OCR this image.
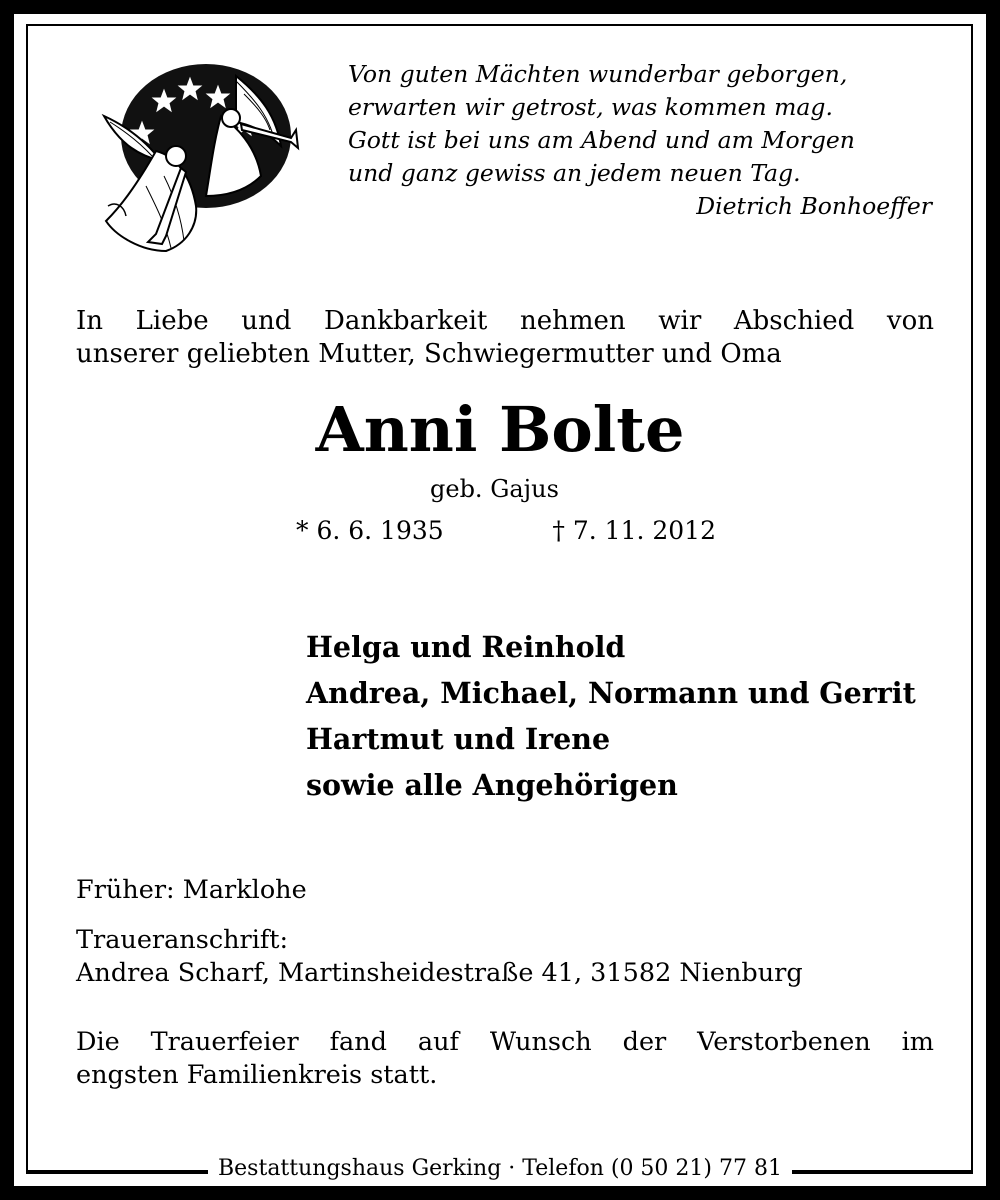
Von guten Mächten wunderbar geborgen,
erwarten wir getrost, was kommen mag.
Gott ist bei uns am Abend und am Morgen
und ganz gewiss an jedem neuen Tag.
Dietrich Bonhoeffer
In Liebe und Dankbarkeit nehmen wir Abschied von
unserer geliebten Mutter, Schwiegermutter und Oma
Anni Bolte
geb. Gajus
* 6. 6. 1935	† 7. 11. 2012
Helga und Reinhold
Andrea, Michael, Normann und Gerrit
Hartmut und Irene
sowie alle Angehörigen
Früher: Marklohe
Traueranschrift:
Andrea Scharf, Martinsheidestraße 41, 31582 Nienburg
Die Trauerfeier fand auf Wunsch der Verstorbenen im
engsten Familienkreis statt.
Bestattungshaus Gerking · Telefon (0 50 21) 77 81
